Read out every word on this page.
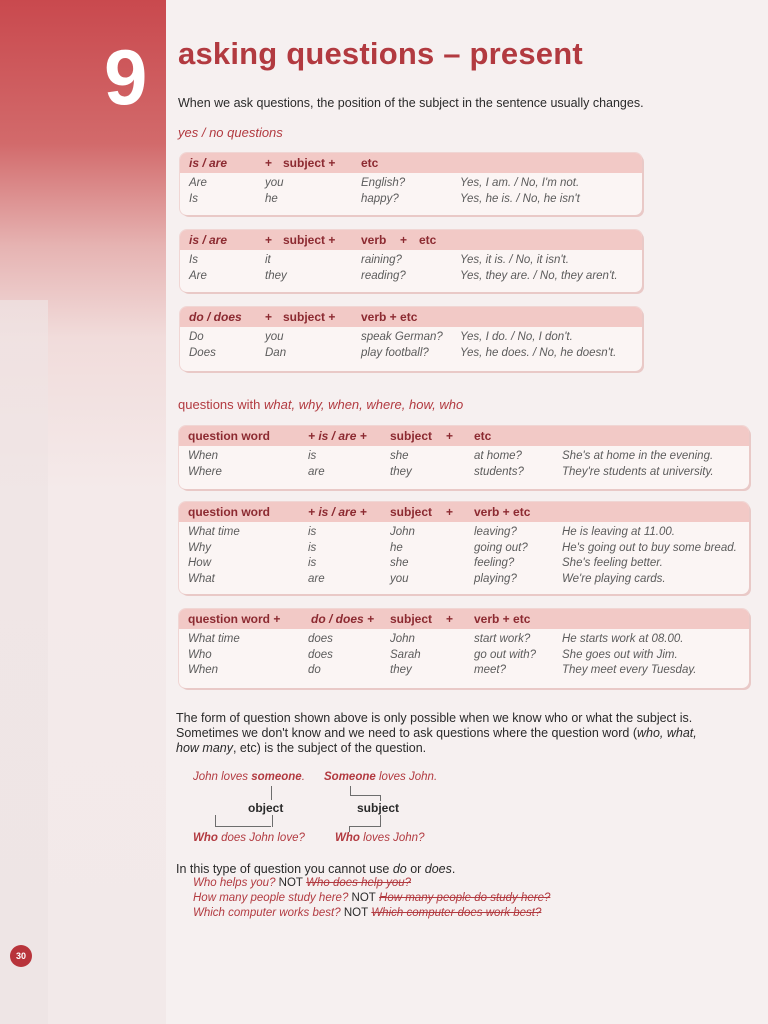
9 asking questions – present
When we ask questions, the position of the subject in the sentence usually changes.
yes / no questions
is / are	+ subject + etc
Are	you	English?	Yes, I am. / No, I'm not.
Is	he	happy?	Yes, he is. / No, he isn't
is / are	+ subject + verb + etc
Is	it	raining?	Yes, it is. / No, it isn't.
Are	they	reading?	Yes, they are. / No, they aren't.
do / does + subject + verb + etc
Do	you	speak German? Yes, I do. / No, I don't.
Does	Dan	play football?	Yes, he does. / No, he doesn't.
questions with what, why, when, where, how, who
question word	+ is / are + subject + etc
When	is	she	at home?	She's at home in the evening.
Where	are	they	students?	They're students at university.
question word	+ is / are + subject + verb + etc
What time	is	John	leaving?	He is leaving at 11.00.
Why	is	he	going out?	He's going out to buy some bread.
How	is	she	feeling?	She's feeling better.
What	are	you	playing?	We're playing cards.
question word +	do / does + subject + verb + etc
What time	does	John	start work?	He starts work at 08.00.
Who	does	Sarah	go out with? She goes out with Jim.
When	do	they	meet?	They meet every Tuesday.
The form of question shown above is only possible when we know who or what the subject is.
Sometimes we don't know and we need to ask questions where the question word (who, what,
how many, etc) is the subject of the question.
John loves someone. Someone loves John.
object	subject
Who does John love?	Who loves John?
In this type of question you cannot use do or does.
Who helps you? NOT Who does help you?
How many people study here? NOT How many people do study here?
Which computer works best? NOT Which computer does work best?
30
